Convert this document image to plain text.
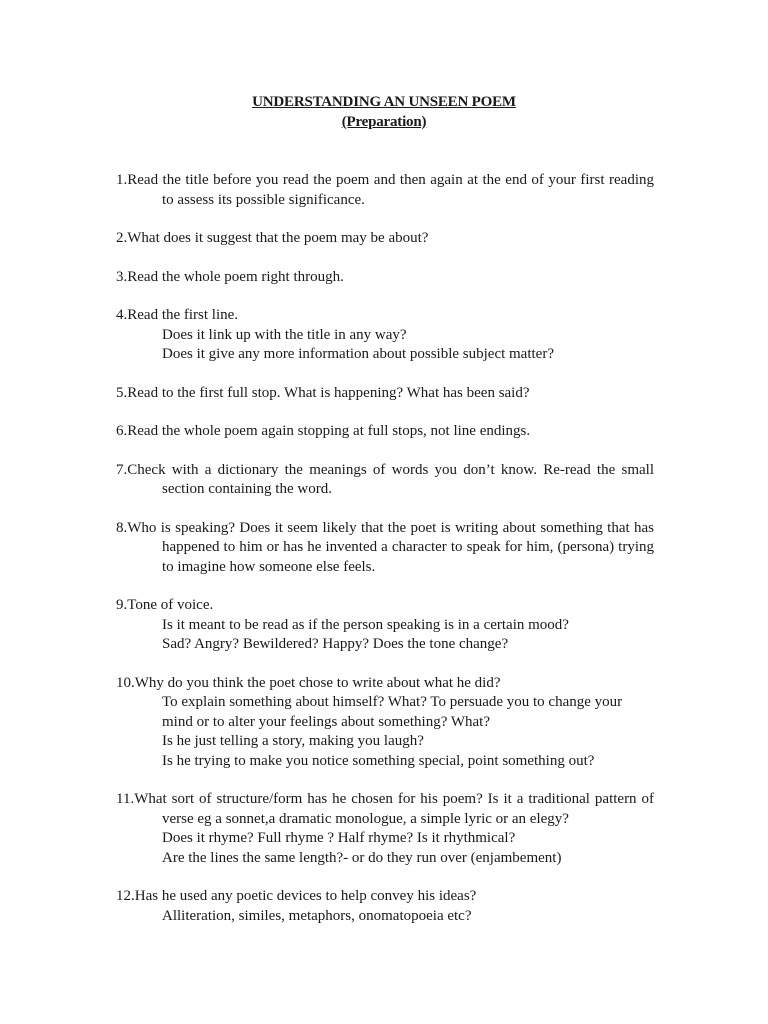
UNDERSTANDING AN UNSEEN POEM
(Preparation)
1.Read the title before you read the poem and then again at the end of your first reading to assess its possible significance.
2.What does it suggest that the poem may be about?
3.Read the whole poem right through.
4.Read the first line.
Does it link up with the title in any way?
Does it give any more information about possible subject matter?
5.Read to the first full stop. What is happening? What has been said?
6.Read the whole poem again stopping at full stops, not line endings.
7.Check with a dictionary the meanings of words you don’t know. Re-read the small section containing the word.
8.Who is speaking? Does it seem likely that the poet is writing about something that has happened to him or has he invented a character to speak for him, (persona) trying to imagine how someone else feels.
9.Tone of voice.
Is it meant to be read as if the person speaking is in a certain mood?
Sad? Angry? Bewildered? Happy? Does the tone change?
10.Why do you think the poet chose to write about what he did?
To explain something about himself? What? To persuade you to change your mind or to alter your feelings about something? What?
Is he just telling a story, making you laugh?
Is he trying to make you notice something special, point something out?
11.What sort of structure/form has he chosen for his poem? Is it a traditional pattern of verse eg a sonnet,a dramatic monologue, a simple lyric or an elegy?
Does it rhyme? Full rhyme ? Half rhyme? Is it rhythmical?
Are the lines the same length?- or do they run over (enjambement)
12.Has he used any poetic devices to help convey his ideas?
Alliteration, similes, metaphors, onomatopoeia etc?
